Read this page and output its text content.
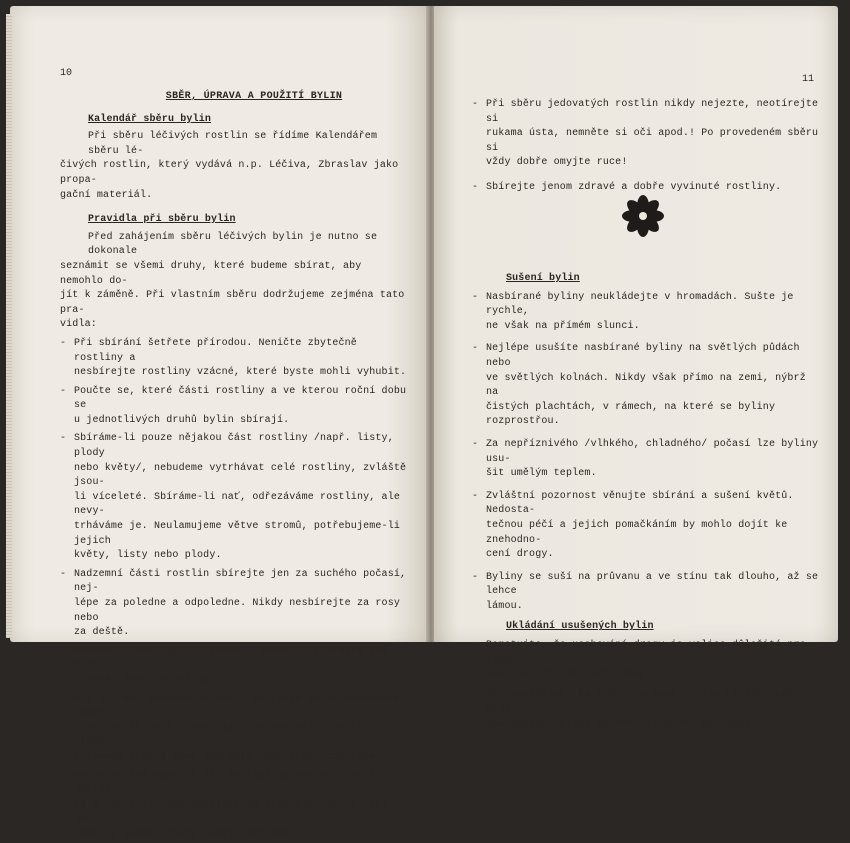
10

SBĚR, ÚPRAVA A POUŽITÍ BYLIN

Kalendář sběru bylin

Při sběru léčivých rostlin se řídíme Kalendářem sběru lé-
čivých rostlin, který vydává n.p. Léčiva, Zbraslav jako propa-
gační materiál.

Pravidla při sběru bylin

Před zahájením sběru léčivých bylin je nutno se dokonale
seznámit se všemi druhy, které budeme sbírat, aby nemohlo do-
jít k záměně. Při vlastním sběru dodržujeme zejména tato pra-
vidla:
- Při sbírání šetřete přírodou. Neničte zbytečně rostliny a
nesbírejte rostliny vzácné, které byste mohli vyhubit.
- Poučte se, které části rostliny a ve kterou roční dobu se
u jednotlivých druhů bylin sbírají.
- Sbíráme-li pouze nějakou část rostliny /např. listy, plody
nebo květy/, nebudeme vytrhávat celé rostliny, zvláště jsou-
li víceleté. Sbíráme-li nať, odřezáváme rostliny, ale nevy-
trháváme je. Neulamujeme větve stromů, potřebujeme-li jejich
květy, listy nebo plody.
- Nadzemní části rostlin sbírejte jen za suchého počasí, nej-
lépe za poledne a odpoledne. Nikdy nesbírejte za rosy nebo
za deště.
- Podzemní části bylin /kořeny, oddenky/ sbírejte buď brzy
z jara, nebo na podzim.
- Při sbírání nadzemních částí se řiďte podle Kalendáře sběru.
Listy se sbírají zpravidla z rozkvétající rostliny, plody
a semena krátce před dozráním, nať před rozkvětem.
- Buďte velice opatrní při sbírání jedovatých rostlin! Sbírej-
te a suště je vždy odděleně od ostatních bylin. Při jejich
sběru a sušení nikdy nemají být děti!
11
- Při sběru jedovatých rostlin nikdy nejezte, neotírejte si
rukama ústa, nemněte si oči apod.! Po provedeném sběru si
vždy dobře omyjte ruce!
- Sbírejte jenom zdravé a dobře vyvinuté rostliny.

Sušení bylin

- Nasbírané byliny neukládejte v hromadách. Sušte je rychle,
ne však na přímém slunci.
- Nejlépe usušíte nasbírané byliny na světlých půdách nebo
ve světlých kolnách. Nikdy však přímo na zemi, nýbrž na
čistých plachtách, v rámech, na které se byliny rozprostřou.
- Za nepříznivého /vlhkého, chladného/ počasí lze byliny usu-
šit umělým teplem.
- Zvláštní pozornost věnujte sbírání a sušení květů. Nedosta-
tečnou péčí a jejich pomačkáním by mohlo dojít ke znehodno-
cení drogy.
- Byliny se suší na průvanu a ve stínu tak dlouho, až se lehce
lámou.

Ukládání usušených bylin

- Pamatujte, že uschování drogy je velice důležité pro zacho-
vání jejich léčivých látek.
- Je samozřejmé, že budete sušené byliny ukládat každý druh
samostatně, nikdy ne několik druhů společně.
